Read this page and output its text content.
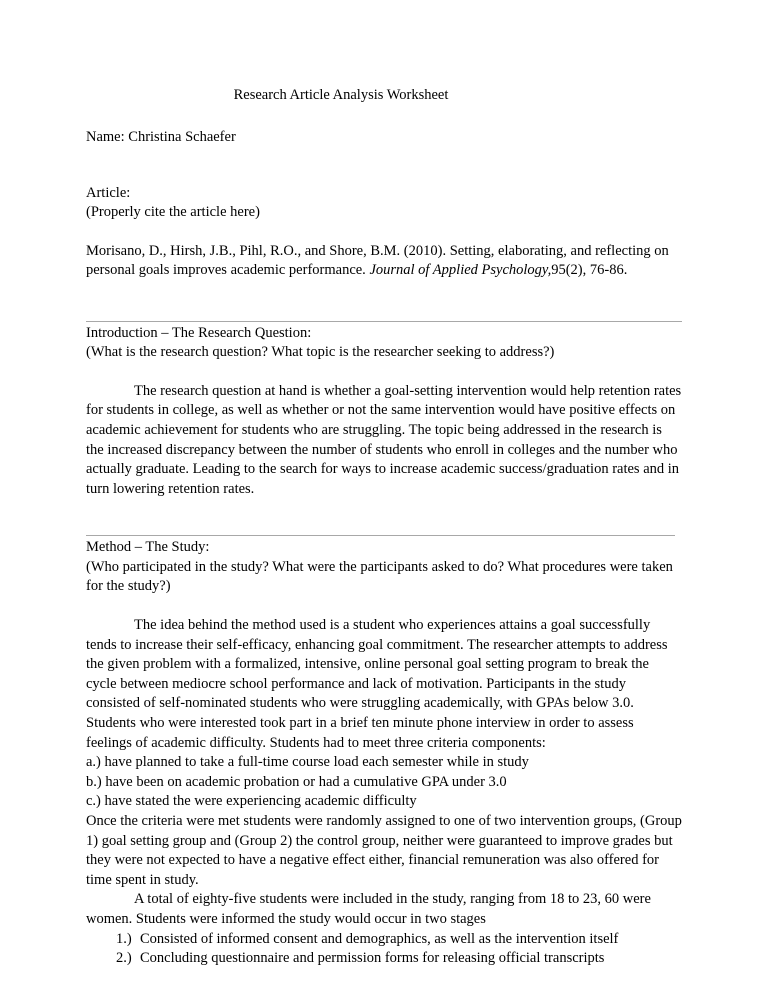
Research Article Analysis Worksheet
Name: Christina Schaefer
Article:
(Properly cite the article here)

Morisano, D., Hirsh, J.B., Pihl, R.O., and Shore, B.M. (2010). Setting, elaborating, and reflecting on personal goals improves academic performance. Journal of Applied Psychology,95(2), 76-86.

Introduction – The Research Question:
(What is the research question? What topic is the researcher seeking to address?)

The research question at hand is whether a goal-setting intervention would help retention rates for students in college, as well as whether or not the same intervention would have positive effects on academic achievement for students who are struggling. The topic being addressed in the research is the increased discrepancy between the number of students who enroll in colleges and the number who actually graduate. Leading to the search for ways to increase academic success/graduation rates and in turn lowering retention rates.

Method – The Study:
(Who participated in the study? What were the participants asked to do? What procedures were taken for the study?)

The idea behind the method used is a student who experiences attains a goal successfully tends to increase their self-efficacy, enhancing goal commitment. The researcher attempts to address the given problem with a formalized, intensive, online personal goal setting program to break the cycle between mediocre school performance and lack of motivation. Participants in the study consisted of self-nominated students who were struggling academically, with GPAs below 3.0. Students who were interested took part in a brief ten minute phone interview in order to assess feelings of academic difficulty. Students had to meet three criteria components:

a.) have planned to take a full-time course load each semester while in study
b.) have been on academic probation or had a cumulative GPA under 3.0
c.) have stated the were experiencing academic difficulty

Once the criteria were met students were randomly assigned to one of two intervention groups, (Group 1) goal setting group and (Group 2) the control group, neither were guaranteed to improve grades but they were not expected to have a negative effect either, financial remuneration was also offered for time spent in study.

A total of eighty-five students were included in the study, ranging from 18 to 23, 60 were women. Students were informed the study would occur in two stages

1.) Consisted of informed consent and demographics, as well as the intervention itself
2.) Concluding questionnaire and permission forms for releasing official transcripts
